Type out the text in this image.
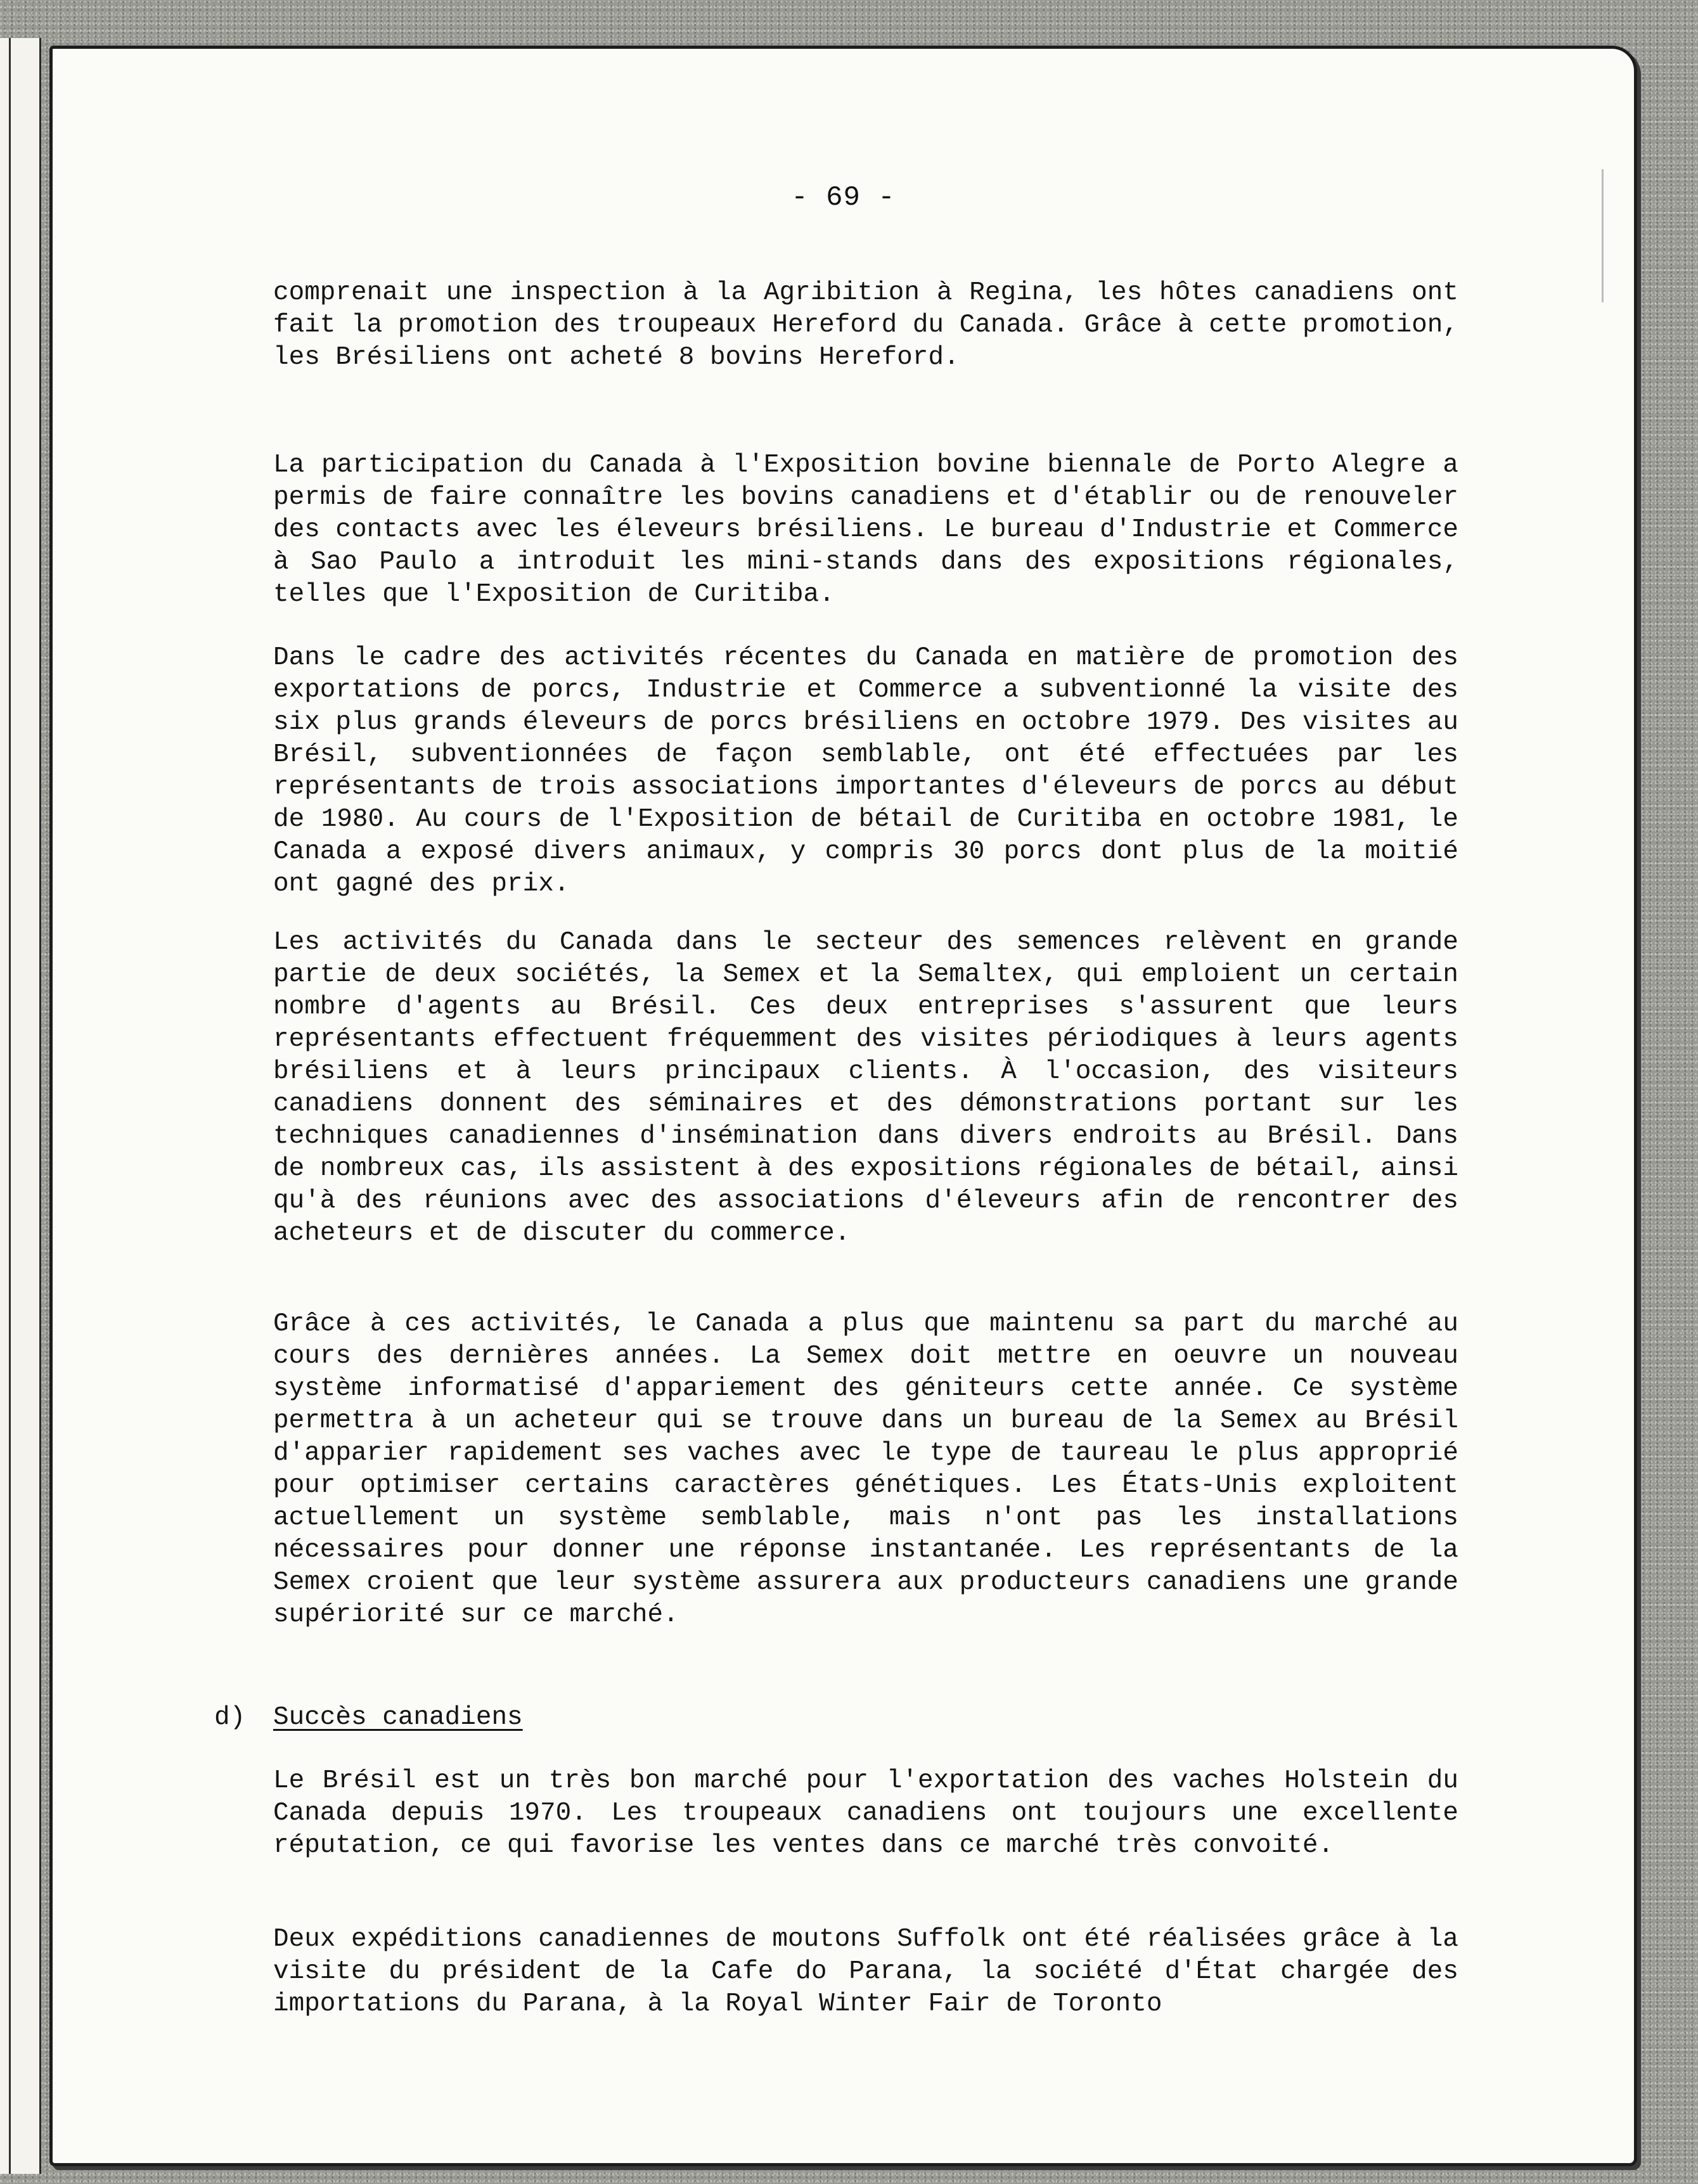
- 69 -

comprenait une inspection à la Agribition à Regina, les hôtes canadiens ont fait la promotion des troupeaux Hereford du Canada. Grâce à cette promotion, les Brésiliens ont acheté 8 bovins Hereford.

La participation du Canada à l'Exposition bovine biennale de Porto Alegre a permis de faire connaître les bovins canadiens et d'établir ou de renouveler des contacts avec les éleveurs brésiliens. Le bureau d'Industrie et Commerce à Sao Paulo a introduit les mini-stands dans des expositions régionales, telles que l'Exposition de Curitiba.

Dans le cadre des activités récentes du Canada en matière de promotion des exportations de porcs, Industrie et Commerce a subventionné la visite des six plus grands éleveurs de porcs brésiliens en octobre 1979. Des visites au Brésil, subventionnées de façon semblable, ont été effectuées par les représentants de trois associations importantes d'éleveurs de porcs au début de 1980. Au cours de l'Exposition de bétail de Curitiba en octobre 1981, le Canada a exposé divers animaux, y compris 30 porcs dont plus de la moitié ont gagné des prix.

Les activités du Canada dans le secteur des semences relèvent en grande partie de deux sociétés, la Semex et la Semaltex, qui emploient un certain nombre d'agents au Brésil. Ces deux entreprises s'assurent que leurs représentants effectuent fréquemment des visites périodiques à leurs agents brésiliens et à leurs principaux clients. À l'occasion, des visiteurs canadiens donnent des séminaires et des démonstrations portant sur les techniques canadiennes d'insémination dans divers endroits au Brésil. Dans de nombreux cas, ils assistent à des expositions régionales de bétail, ainsi qu'à des réunions avec des associations d'éleveurs afin de rencontrer des acheteurs et de discuter du commerce.

Grâce à ces activités, le Canada a plus que maintenu sa part du marché au cours des dernières années. La Semex doit mettre en oeuvre un nouveau système informatisé d'appariement des géniteurs cette année. Ce système permettra à un acheteur qui se trouve dans un bureau de la Semex au Brésil d'apparier rapidement ses vaches avec le type de taureau le plus approprié pour optimiser certains caractères génétiques. Les États-Unis exploitent actuellement un système semblable, mais n'ont pas les installations nécessaires pour donner une réponse instantanée. Les représentants de la Semex croient que leur système assurera aux producteurs canadiens une grande supériorité sur ce marché.

d) Succès canadiens

Le Brésil est un très bon marché pour l'exportation des vaches Holstein du Canada depuis 1970. Les troupeaux canadiens ont toujours une excellente réputation, ce qui favorise les ventes dans ce marché très convoité.

Deux expéditions canadiennes de moutons Suffolk ont été réalisées grâce à la visite du président de la Cafe do Parana, la société d'État chargée des importations du Parana, à la Royal Winter Fair de Toronto
